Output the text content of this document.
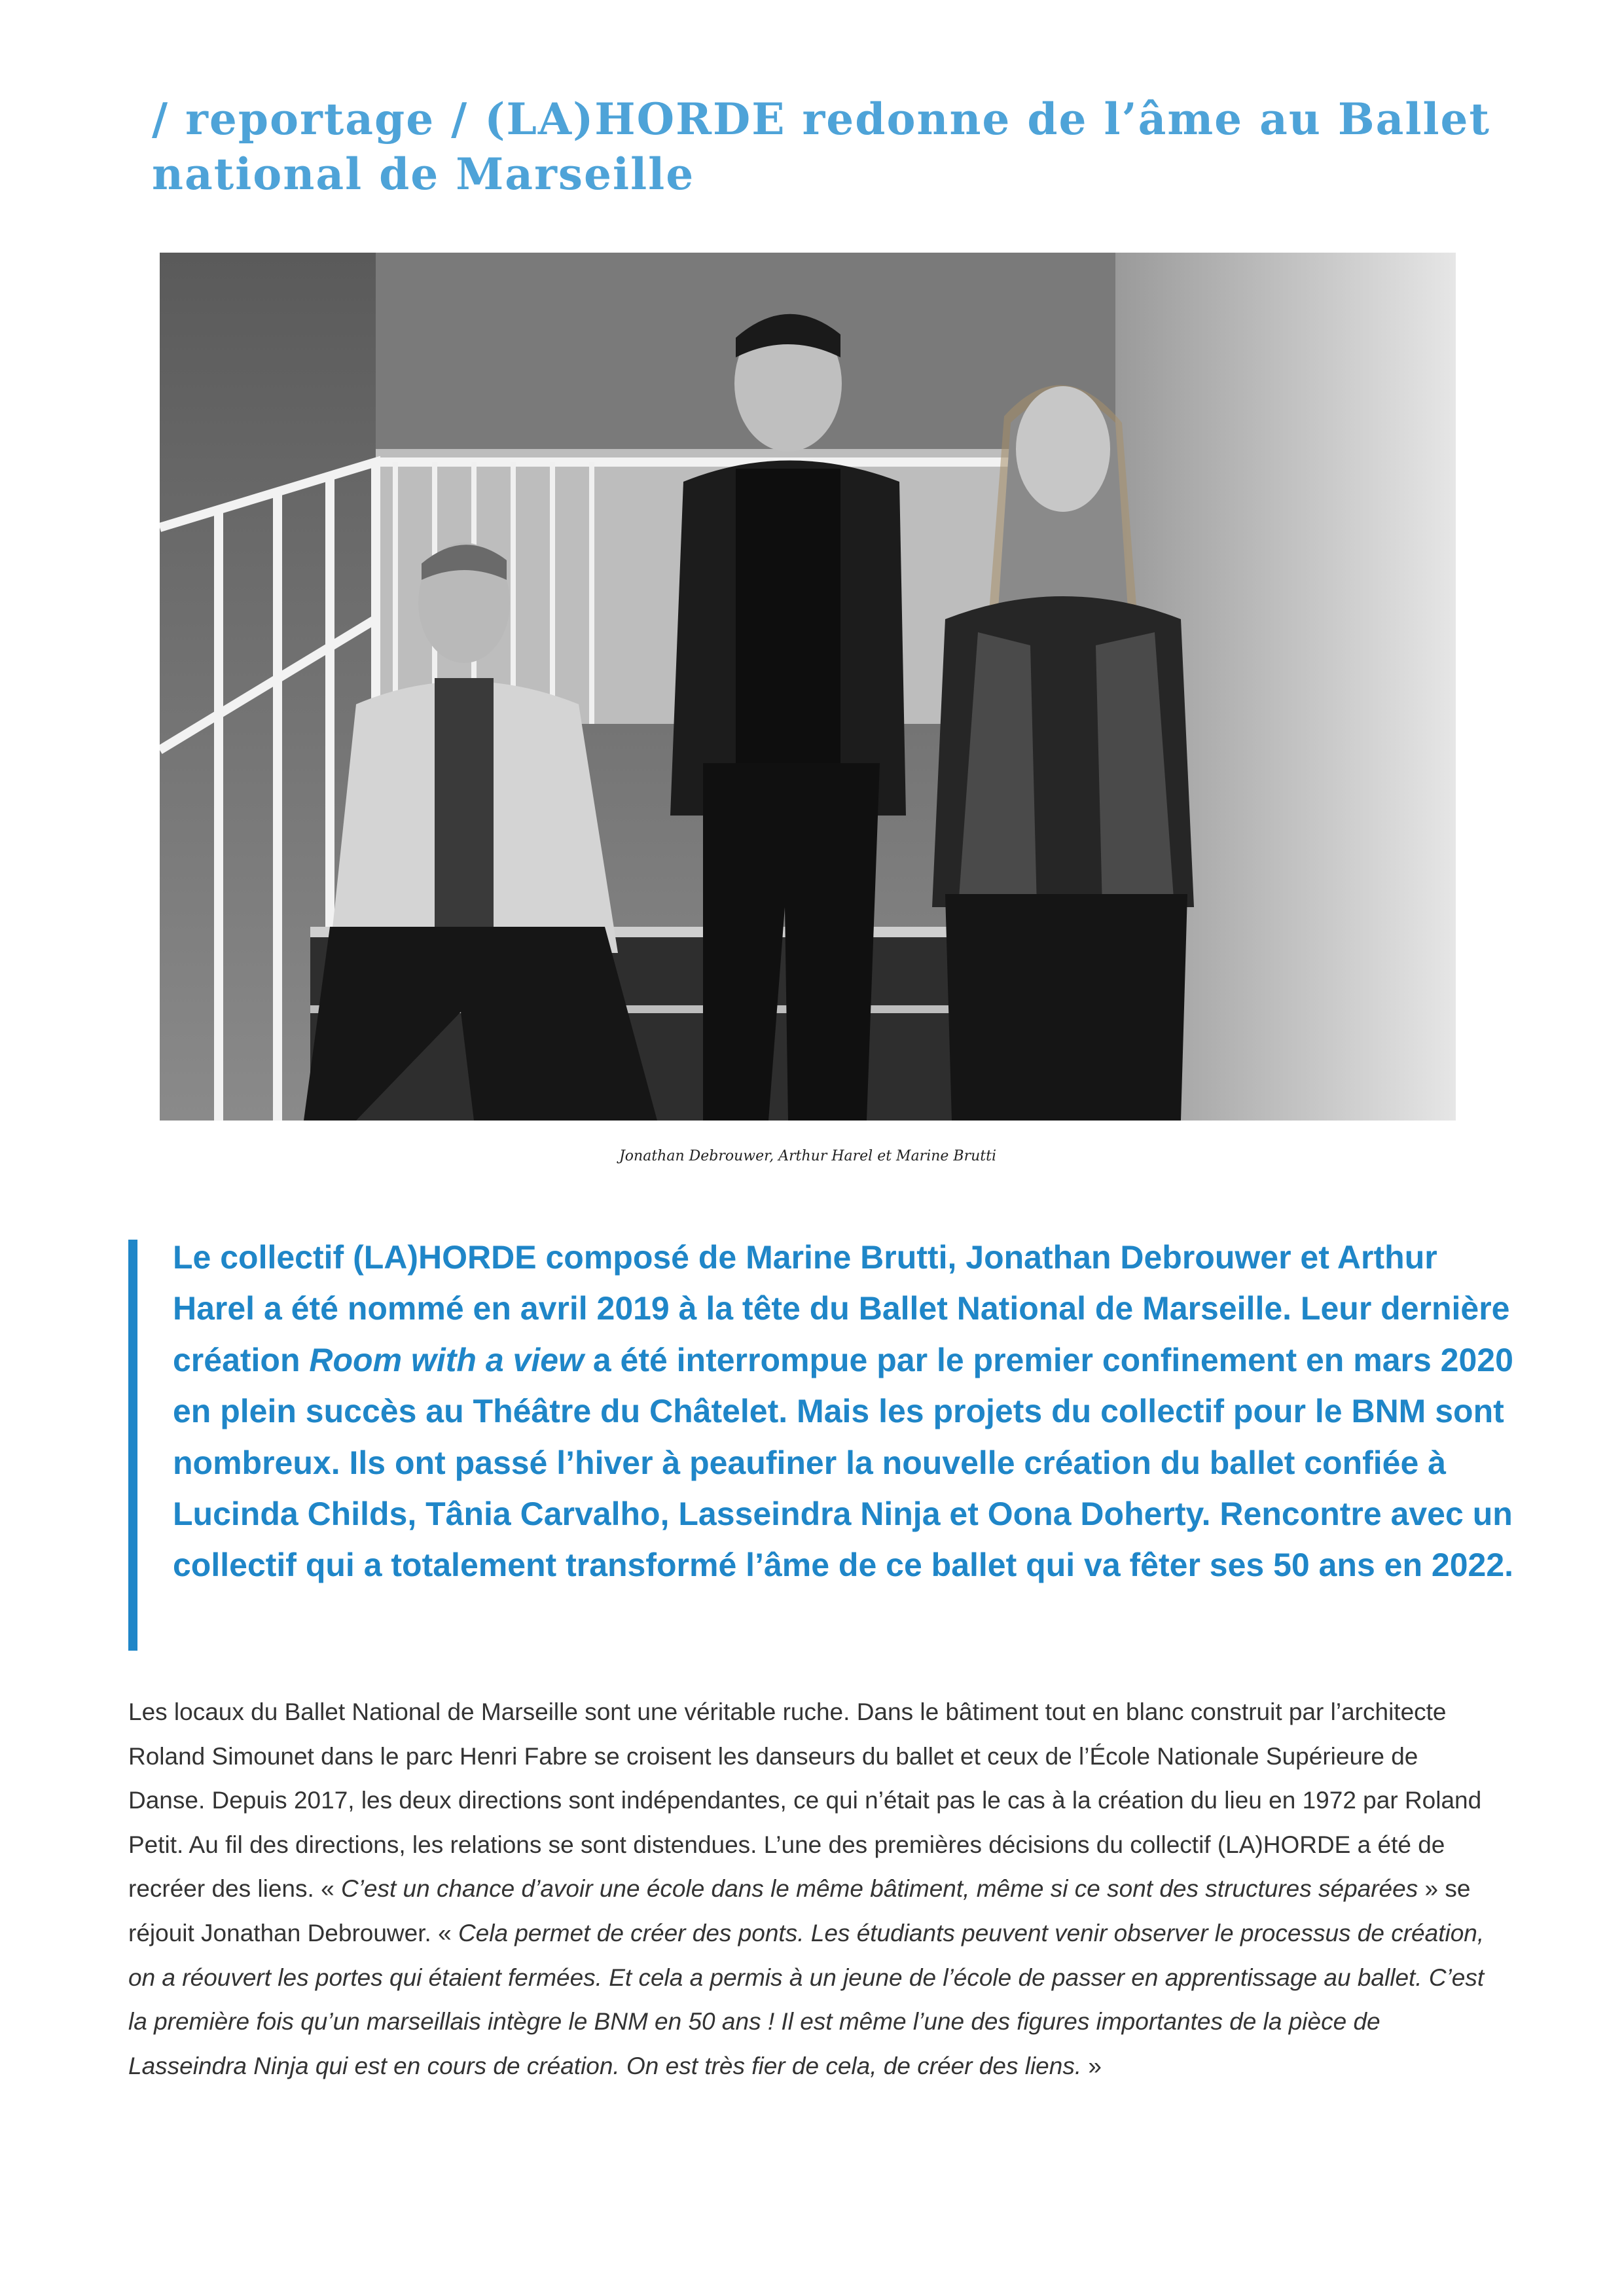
/ reportage / (LA)HORDE redonne de l’âme au Ballet national de Marseille
Jonathan Debrouwer, Arthur Harel et Marine Brutti

Le collectif (LA)HORDE composé de Marine Brutti, Jonathan Debrouwer et Arthur Harel a été nommé en avril 2019 à la tête du Ballet National de Marseille. Leur dernière création Room with a view a été interrompue par le premier confinement en mars 2020 en plein succès au Théâtre du Châtelet. Mais les projets du collectif pour le BNM sont nombreux. Ils ont passé l’hiver à peaufiner la nouvelle création du ballet confiée à Lucinda Childs, Tânia Carvalho, Lasseindra Ninja et Oona Doherty. Rencontre avec un collectif qui a totalement transformé l’âme de ce ballet qui va fêter ses 50 ans en 2022.

Les locaux du Ballet National de Marseille sont une véritable ruche. Dans le bâtiment tout en blanc construit par l’architecte Roland Simounet dans le parc Henri Fabre se croisent les danseurs du ballet et ceux de l’École Nationale Supérieure de Danse. Depuis 2017, les deux directions sont indépendantes, ce qui n’était pas le cas à la création du lieu en 1972 par Roland Petit. Au fil des directions, les relations se sont distendues. L’une des premières décisions du collectif (LA)HORDE a été de recréer des liens. « C’est un chance d’avoir une école dans le même bâtiment, même si ce sont des structures séparées » se réjouit Jonathan Debrouwer. « Cela permet de créer des ponts. Les étudiants peuvent venir observer le processus de création, on a réouvert les portes qui étaient fermées. Et cela a permis à un jeune de l’école de passer en apprentissage au ballet. C’est la première fois qu’un marseillais intègre le BNM en 50 ans ! Il est même l’une des figures importantes de la pièce de Lasseindra Ninja qui est en cours de création. On est très fier de cela, de créer des liens. »
